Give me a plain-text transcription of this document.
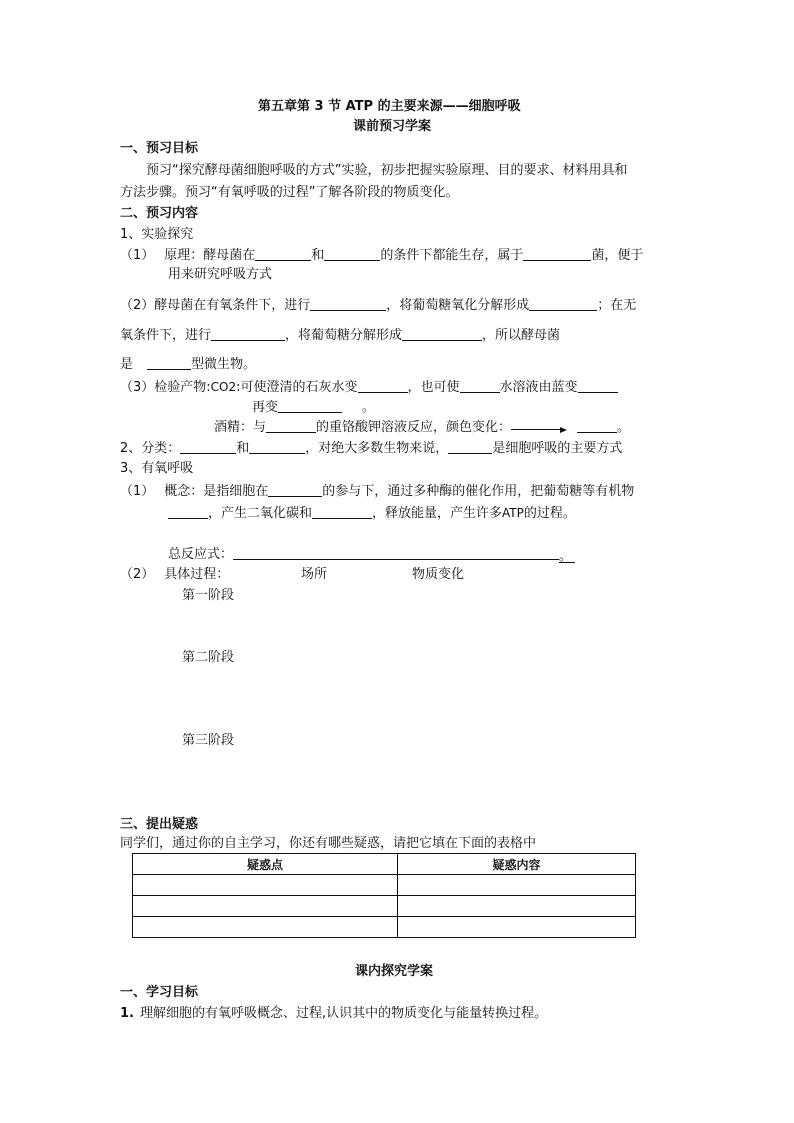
第五章第 3 节 ATP 的主要来源——细胞呼吸
课前预习学案
一、预习目标
预习“探究酵母菌细胞呼吸的方式”实验，初步把握实验原理、目的要求、材料用具和
方法步骤。预习“有氧呼吸的过程”了解各阶段的物质变化。
二、预习内容
1、实验探究
（1） 原理：酵母菌在	和	的条件下都能生存，属于	菌，便于
用来研究呼吸方式
（2）酵母菌在有氧条件下，进行	，将葡萄糖氧化分解形成	；在无
氧条件下，进行	，将葡萄糖分解形成	，所以酵母菌
是	型微生物。
（3）检验产物:CO2:可使澄清的石灰水变	，也可使	水溶液由蓝变
再变	。
酒精：与	的重铬酸钾溶液反应，颜色变化：	。
2、分类：	和	，对绝大多数生物来说，	是细胞呼吸的主要方式
3、有氧呼吸
（1） 概念：是指细胞在	的参与下，通过多种酶的催化作用，把葡萄糖等有机物
，产生二氧化碳和	，释放能量，产生许多ATP的过程。
总反应式：	。
（2） 具体过程：	场所	物质变化
第一阶段
第二阶段
第三阶段
三、提出疑惑
同学们，通过你的自主学习，你还有哪些疑惑，请把它填在下面的表格中
疑惑点	疑惑内容

课内探究学案
一、学习目标
1. 理解细胞的有氧呼吸概念、过程,认识其中的物质变化与能量转换过程。
